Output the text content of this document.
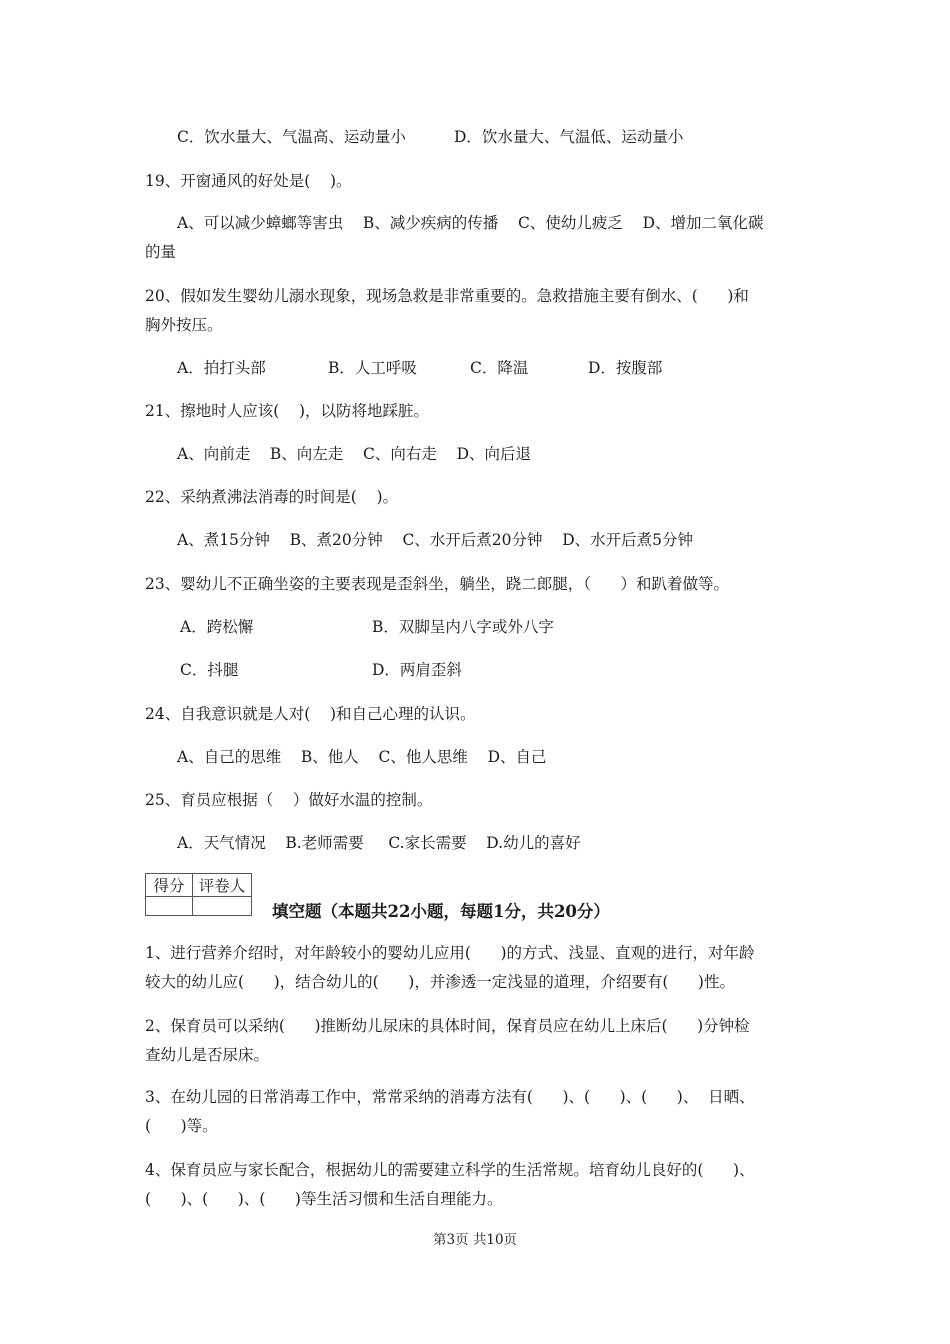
C．饮水量大、气温高、运动量小	D．饮水量大、气温低、运动量小
19、开窗通风的好处是(    )。
A、可以减少蟑螂等害虫    B、减少疾病的传播    C、使幼儿疲乏    D、增加二氧化碳
的量
20、假如发生婴幼儿溺水现象，现场急救是非常重要的。急救措施主要有倒水、(      )和
胸外按压。
A．拍打头部	B．人工呼吸	C．降温	D．按腹部
21、擦地时人应该(    )，以防将地踩脏。
A、向前走    B、向左走    C、向右走    D、向后退
22、采纳煮沸法消毒的时间是(    )。
A、煮15分钟    B、煮20分钟    C、水开后煮20分钟    D、水开后煮5分钟
23、婴幼儿不正确坐姿的主要表现是歪斜坐，躺坐，跷二郎腿，（      ）和趴着做等。
A．跨松懈	B．双脚呈内八字或外八字
C．抖腿	D．两肩歪斜
24、自我意识就是人对(    )和自己心理的认识。
A、自己的思维    B、他人    C、他人思维    D、自己
25、育员应根据（    ）做好水温的控制。
A．天气情况    B.老师需要     C.家长需要    D.幼儿的喜好
得分	评卷人

填空题（本题共22小题，每题1分，共20分）
1、进行营养介绍时，对年龄较小的婴幼儿应用(      )的方式、浅显、直观的进行，对年龄
较大的幼儿应(      )，结合幼儿的(      )，并渗透一定浅显的道理，介绍要有(      )性。
2、保育员可以采纳(      )推断幼儿尿床的具体时间，保育员应在幼儿上床后(      )分钟检
查幼儿是否尿床。
3、在幼儿园的日常消毒工作中，常常采纳的消毒方法有(      )、(      )、(      )、  日晒、
(      )等。
4、保育员应与家长配合，根据幼儿的需要建立科学的生活常规。培育幼儿良好的(      )、
(      )、(      )、(      )等生活习惯和生活自理能力。
第3页 共10页
